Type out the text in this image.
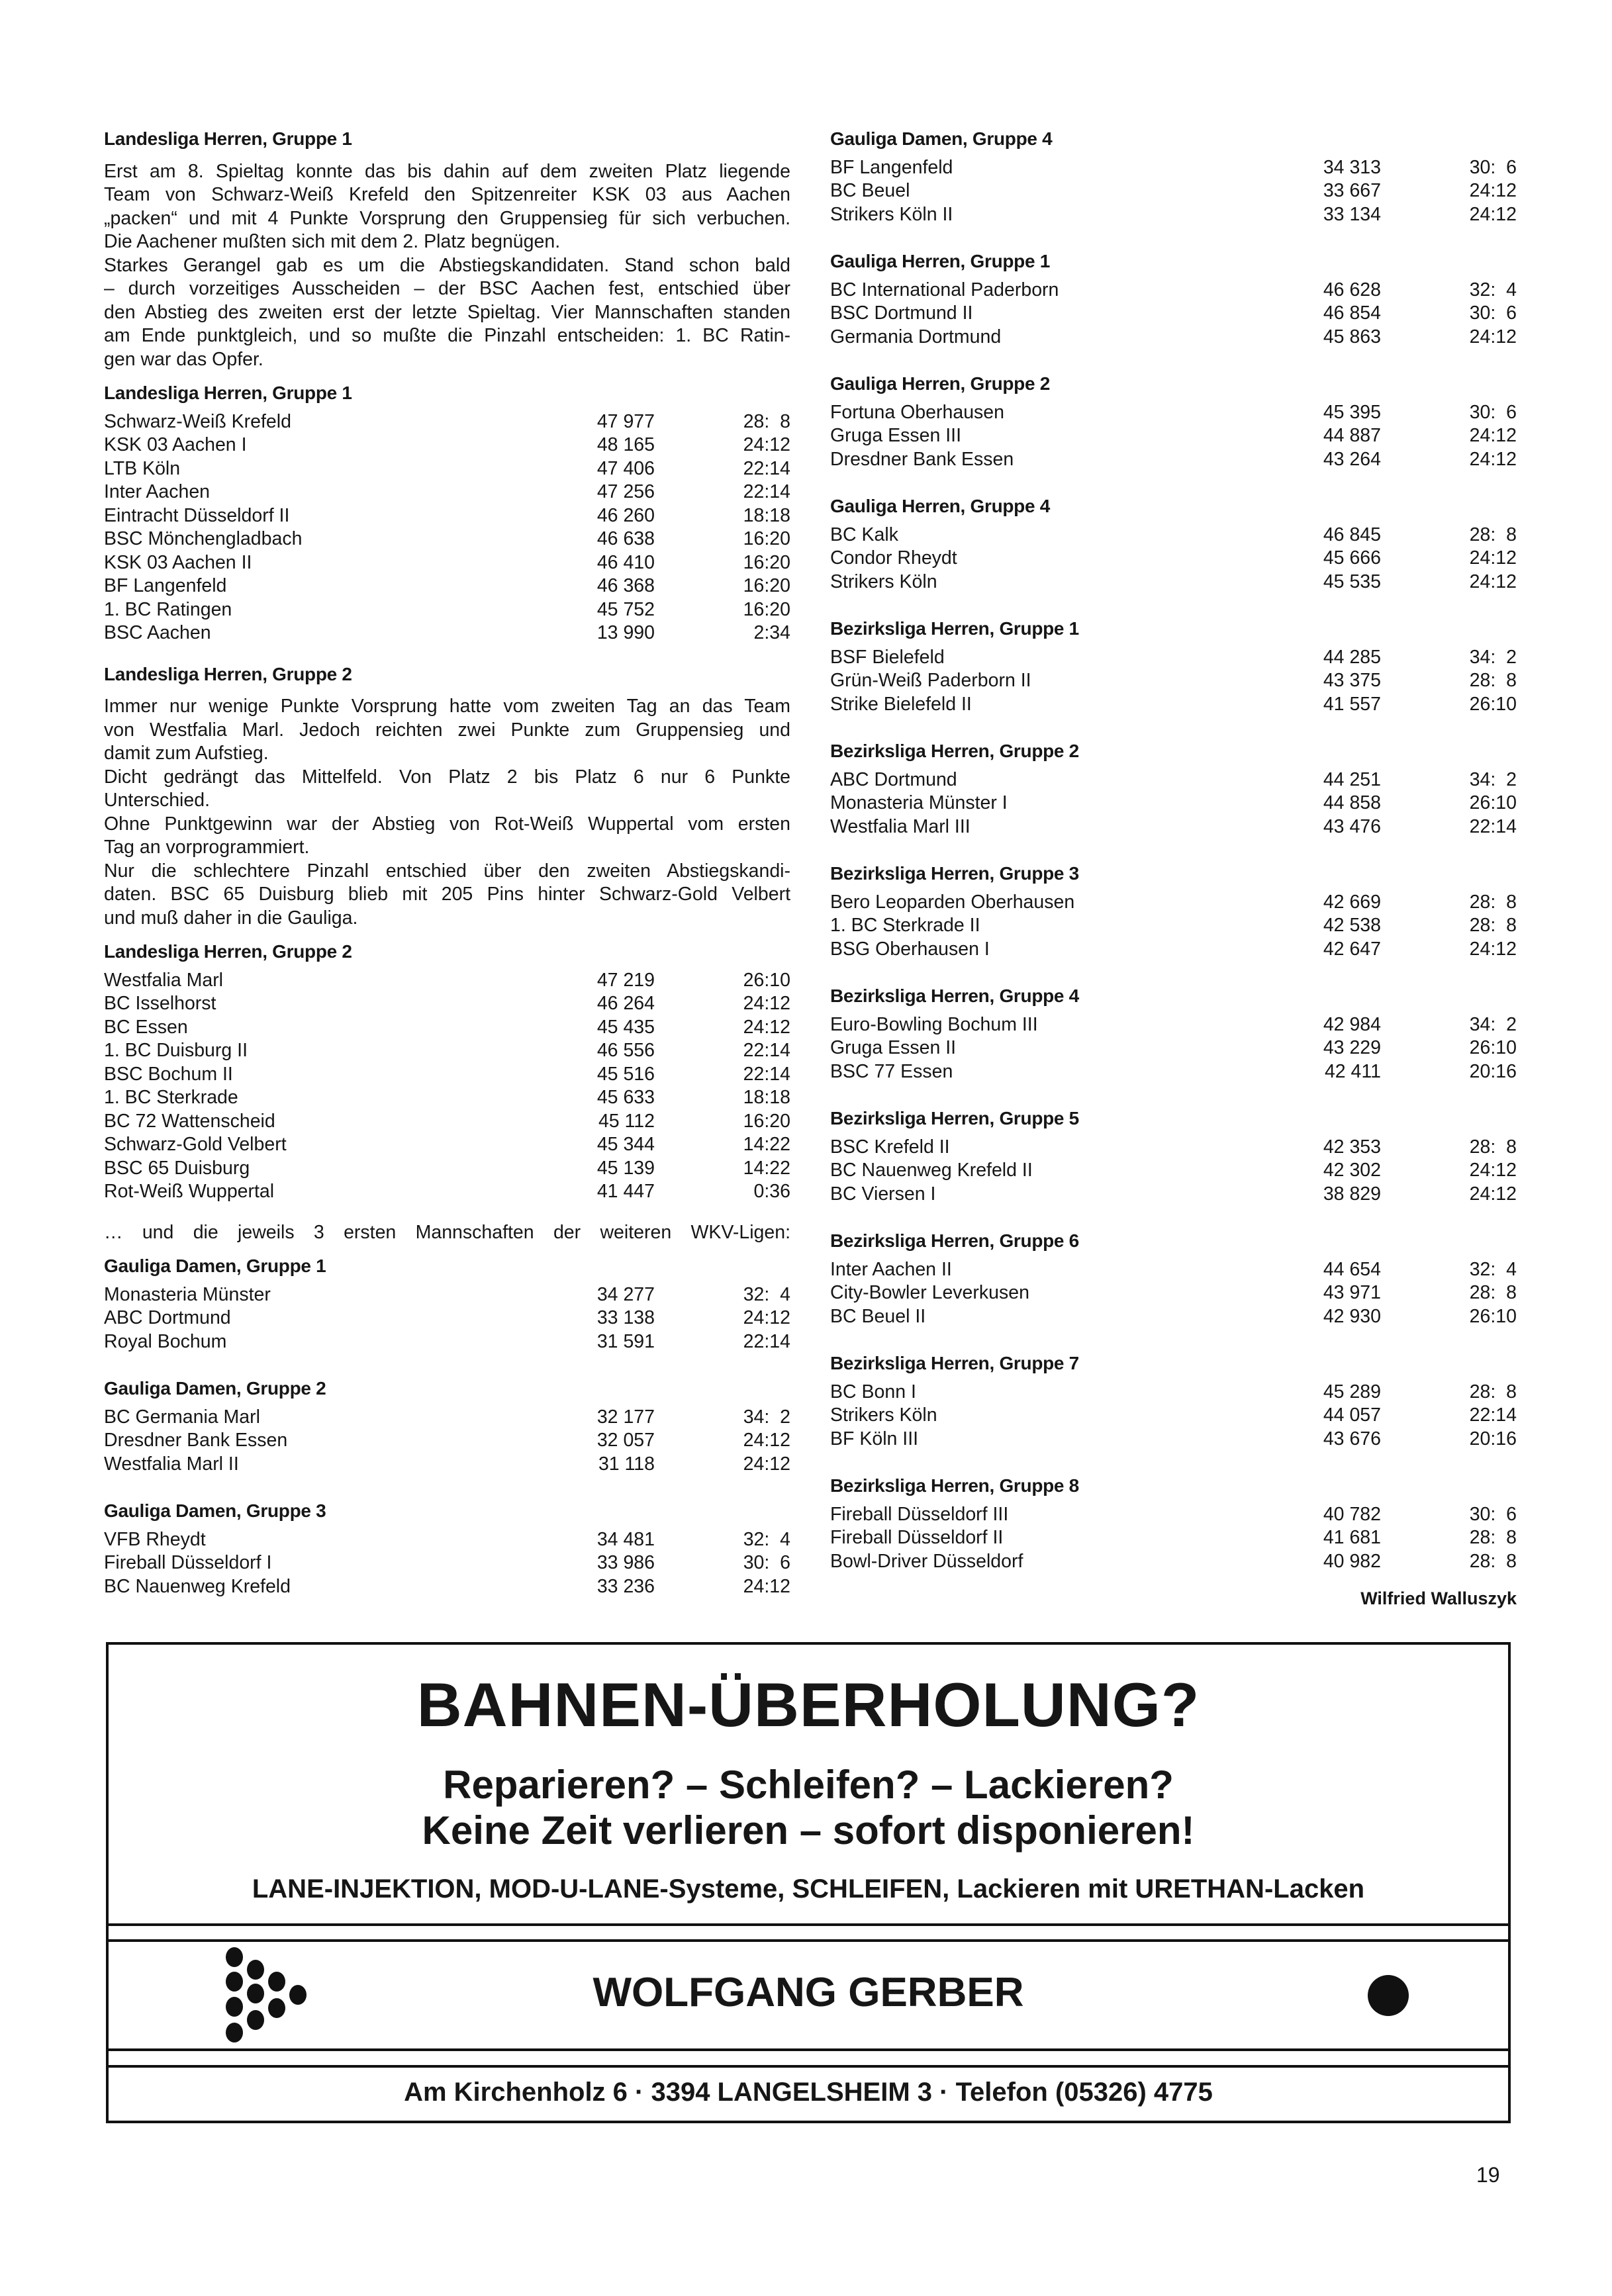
Landesliga Herren, Gruppe 1
Erst am 8. Spieltag konnte das bis dahin auf dem zweiten Platz liegende
Team von Schwarz-Weiß Krefeld den Spitzenreiter KSK 03 aus Aachen
„packen“ und mit 4 Punkte Vorsprung den Gruppensieg für sich verbuchen.
Die Aachener mußten sich mit dem 2. Platz begnügen.
Starkes Gerangel gab es um die Abstiegskandidaten. Stand schon bald
– durch vorzeitiges Ausscheiden – der BSC Aachen fest, entschied über
den Abstieg des zweiten erst der letzte Spieltag. Vier Mannschaften standen
am Ende punktgleich, und so mußte die Pinzahl entscheiden: 1. BC Ratin-
gen war das Opfer.
Landesliga Herren, Gruppe 1
Schwarz-Weiß Krefeld	47 977	28:  8
KSK 03 Aachen I	48 165	24:12
LTB Köln	47 406	22:14
Inter Aachen	47 256	22:14
Eintracht Düsseldorf II	46 260	18:18
BSC Mönchengladbach	46 638	16:20
KSK 03 Aachen II	46 410	16:20
BF Langenfeld	46 368	16:20
1. BC Ratingen	45 752	16:20
BSC Aachen	13 990	2:34
Landesliga Herren, Gruppe 2
Immer nur wenige Punkte Vorsprung hatte vom zweiten Tag an das Team
von Westfalia Marl. Jedoch reichten zwei Punkte zum Gruppensieg und
damit zum Aufstieg.
Dicht gedrängt das Mittelfeld. Von Platz 2 bis Platz 6 nur 6 Punkte
Unterschied.
Ohne Punktgewinn war der Abstieg von Rot-Weiß Wuppertal vom ersten
Tag an vorprogrammiert.
Nur die schlechtere Pinzahl entschied über den zweiten Abstiegskandi-
daten. BSC 65 Duisburg blieb mit 205 Pins hinter Schwarz-Gold Velbert
und muß daher in die Gauliga.
Landesliga Herren, Gruppe 2
Westfalia Marl	47 219	26:10
BC Isselhorst	46 264	24:12
BC Essen	45 435	24:12
1. BC Duisburg II	46 556	22:14
BSC Bochum II	45 516	22:14
1. BC Sterkrade	45 633	18:18
BC 72 Wattenscheid	45 112	16:20
Schwarz-Gold Velbert	45 344	14:22
BSC 65 Duisburg	45 139	14:22
Rot-Weiß Wuppertal	41 447	0:36
… und die jeweils 3 ersten Mannschaften der weiteren WKV-Ligen:
Gauliga Damen, Gruppe 1
Monasteria Münster	34 277	32:  4
ABC Dortmund	33 138	24:12
Royal Bochum	31 591	22:14
Gauliga Damen, Gruppe 2
BC Germania Marl	32 177	34:  2
Dresdner Bank Essen	32 057	24:12
Westfalia Marl II	31 118	24:12
Gauliga Damen, Gruppe 3
VFB Rheydt	34 481	32:  4
Fireball Düsseldorf I	33 986	30:  6
BC Nauenweg Krefeld	33 236	24:12
Gauliga Damen, Gruppe 4
BF Langenfeld	34 313	30:  6
BC Beuel	33 667	24:12
Strikers Köln II	33 134	24:12
Gauliga Herren, Gruppe 1
BC International Paderborn	46 628	32:  4
BSC Dortmund II	46 854	30:  6
Germania Dortmund	45 863	24:12
Gauliga Herren, Gruppe 2
Fortuna Oberhausen	45 395	30:  6
Gruga Essen III	44 887	24:12
Dresdner Bank Essen	43 264	24:12
Gauliga Herren, Gruppe 4
BC Kalk	46 845	28:  8
Condor Rheydt	45 666	24:12
Strikers Köln	45 535	24:12
Bezirksliga Herren, Gruppe 1
BSF Bielefeld	44 285	34:  2
Grün-Weiß Paderborn II	43 375	28:  8
Strike Bielefeld II	41 557	26:10
Bezirksliga Herren, Gruppe 2
ABC Dortmund	44 251	34:  2
Monasteria Münster I	44 858	26:10
Westfalia Marl III	43 476	22:14
Bezirksliga Herren, Gruppe 3
Bero Leoparden Oberhausen	42 669	28:  8
1. BC Sterkrade II	42 538	28:  8
BSG Oberhausen I	42 647	24:12
Bezirksliga Herren, Gruppe 4
Euro-Bowling Bochum III	42 984	34:  2
Gruga Essen II	43 229	26:10
BSC 77 Essen	42 411	20:16
Bezirksliga Herren, Gruppe 5
BSC Krefeld II	42 353	28:  8
BC Nauenweg Krefeld II	42 302	24:12
BC Viersen I	38 829	24:12
Bezirksliga Herren, Gruppe 6
Inter Aachen II	44 654	32:  4
City-Bowler Leverkusen	43 971	28:  8
BC Beuel II	42 930	26:10
Bezirksliga Herren, Gruppe 7
BC Bonn I	45 289	28:  8
Strikers Köln	44 057	22:14
BF Köln III	43 676	20:16
Bezirksliga Herren, Gruppe 8
Fireball Düsseldorf III	40 782	30:  6
Fireball Düsseldorf II	41 681	28:  8
Bowl-Driver Düsseldorf	40 982	28:  8
Wilfried Walluszyk
BAHNEN-ÜBERHOLUNG?
Reparieren? – Schleifen? – Lackieren?
Keine Zeit verlieren – sofort disponieren!
LANE-INJEKTION, MOD-U-LANE-Systeme, SCHLEIFEN, Lackieren mit URETHAN-Lacken
WOLFGANG GERBER
Am Kirchenholz 6 · 3394 LANGELSHEIM 3 · Telefon (05326) 4775
19
